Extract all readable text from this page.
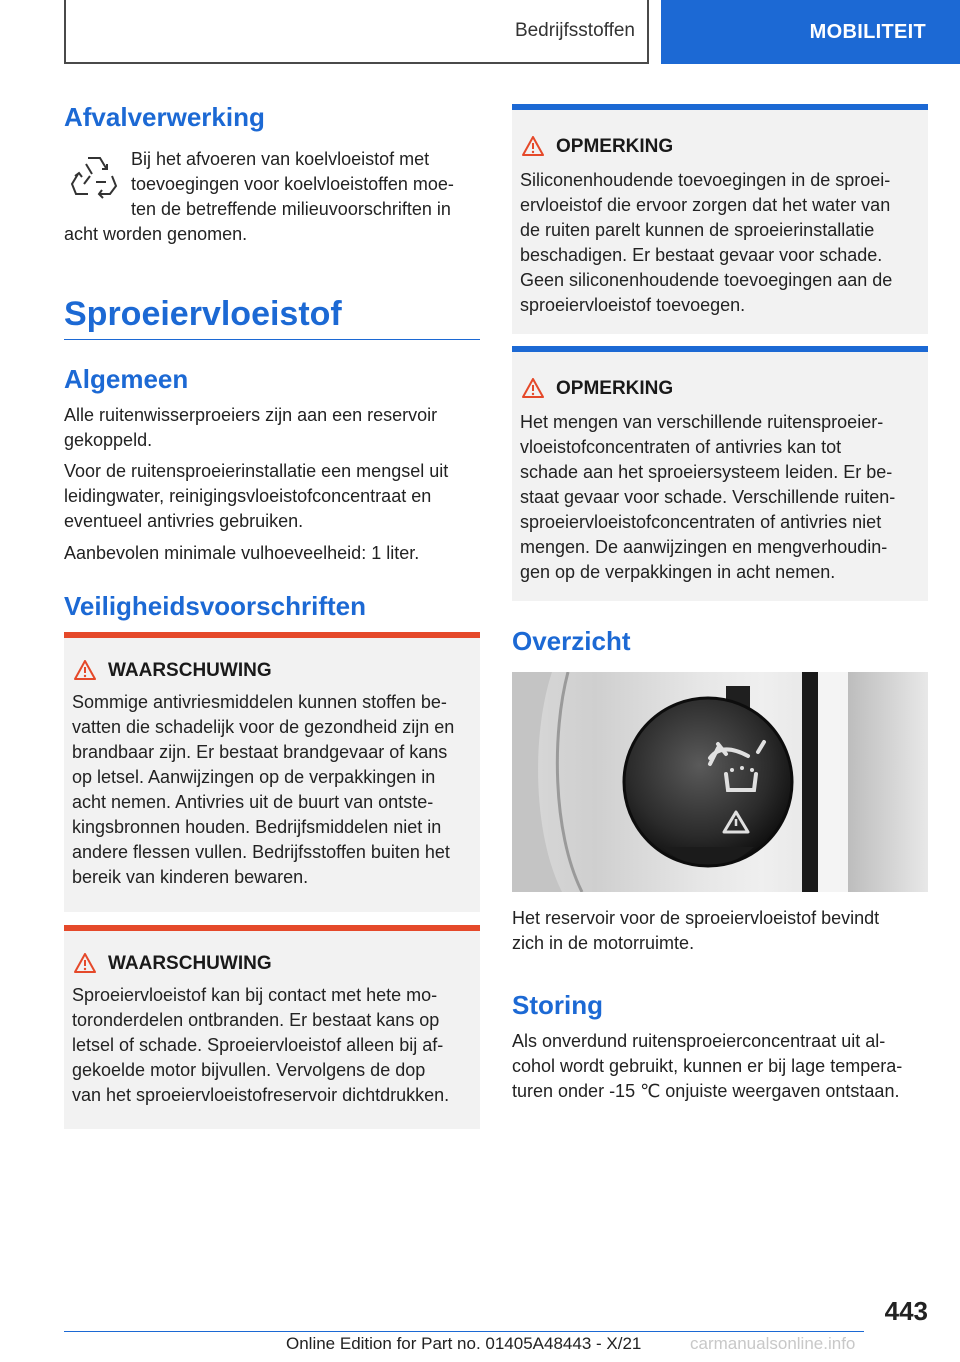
Bedrijfsstoffen	MOBILITEIT
Afvalverwerking

Bij het afvoeren van koelvloeistof met
toevoegingen voor koelvloeistoffen moe-
ten de betreffende milieuvoorschriften in

acht worden genomen.

Sproeiervloeistof
Algemeen

Alle ruitenwisserproeiers zijn aan een reservoir
gekoppeld.

Voor de ruitensproeierinstallatie een mengsel uit
leidingwater, reinigingsvloeistofconcentraat en
eventueel antivries gebruiken.

Aanbevolen minimale vulhoeveelheid: 1 liter.

Veiligheidsvoorschriften
WAARSCHUWING

Sommige antivriesmiddelen kunnen stoffen be-
vatten die schadelijk voor de gezondheid zijn en
brandbaar zijn. Er bestaat brandgevaar of kans
op letsel. Aanwijzingen op de verpakkingen in
acht nemen. Antivries uit de buurt van ontste-
kingsbronnen houden. Bedrijfsmiddelen niet in
andere flessen vullen. Bedrijfsstoffen buiten het
bereik van kinderen bewaren.

WAARSCHUWING

Sproeiervloeistof kan bij contact met hete mo-
toronderdelen ontbranden. Er bestaat kans op
letsel of schade. Sproeiervloeistof alleen bij af-
gekoelde motor bijvullen. Vervolgens de dop
van het sproeiervloeistofreservoir dichtdrukken.

OPMERKING

Siliconenhoudende toevoegingen in de sproei-
ervloeistof die ervoor zorgen dat het water van
de ruiten parelt kunnen de sproeierinstallatie
beschadigen. Er bestaat gevaar voor schade.
Geen siliconenhoudende toevoegingen aan de
sproeiervloeistof toevoegen.

OPMERKING

Het mengen van verschillende ruitensproeier-
vloeistofconcentraten of antivries kan tot
schade aan het sproeiersysteem leiden. Er be-
staat gevaar voor schade. Verschillende ruiten-
sproeiervloeistofconcentraten of antivries niet
mengen. De aanwijzingen en mengverhoudin-
gen op de verpakkingen in acht nemen.

Overzicht

Het reservoir voor de sproeiervloeistof bevindt
zich in de motorruimte.

Storing

Als onverdund ruitensproeierconcentraat uit al-
cohol wordt gebruikt, kunnen er bij lage tempera-
turen onder -15 ℃ onjuiste weergaven ontstaan.

443
Online Edition for Part no. 01405A48443 - X/21	carmanualsonline.info
